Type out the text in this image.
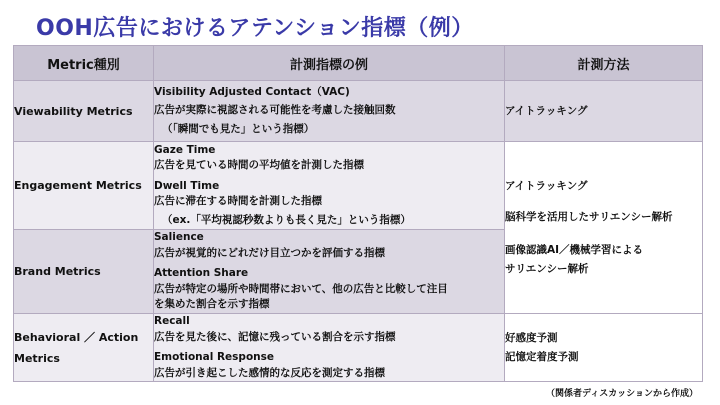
OOH広告におけるアテンション指標（例）
Metric種別	計測指標の例	計測方法
Viewability Metrics	Visibility Adjusted Contact（VAC)
広告が実際に視認される可能性を考慮した接触回数
（「瞬間でも見た」という指標）	アイトラッキング
Engagement Metrics	Gaze Time
広告を見ている時間の平均値を計測した指標
Dwell Time
広告に滞在する時間を計測した指標
（ex.「平均視認秒数よりも長く見た」という指標）	アイトラッキング
脳科学を活用したサリエンシー解析
画像認識AI／機械学習による
サリエンシー解析

Brand Metrics	Salience
広告が視覚的にどれだけ目立つかを評価する指標
Attention Share
広告が特定の場所や時間帯において、他の広告と比較して注目
を集めた割合を示す指標	

Behavioral ／ Action Metrics	Recall
広告を見た後に、記憶に残っている割合を示す指標
Emotional Response
広告が引き起こした感情的な反応を測定する指標	好感度予測
記憶定着度予測
（関係者ディスカッションから作成）
